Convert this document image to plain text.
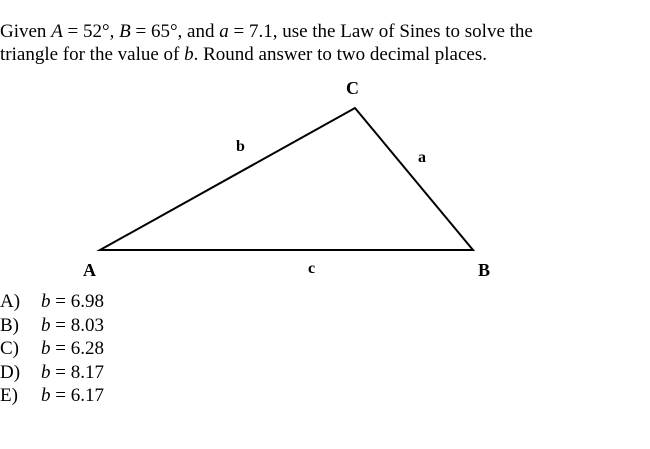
Given A = 52°, B = 65°, and a = 7.1, use the Law of Sines to solve the
triangle for the value of b. Round answer to two decimal places.
C
A	B
b
a
c
A) b = 6.98
B) b = 8.03
C) b = 6.28
D) b = 8.17
E) b = 6.17
